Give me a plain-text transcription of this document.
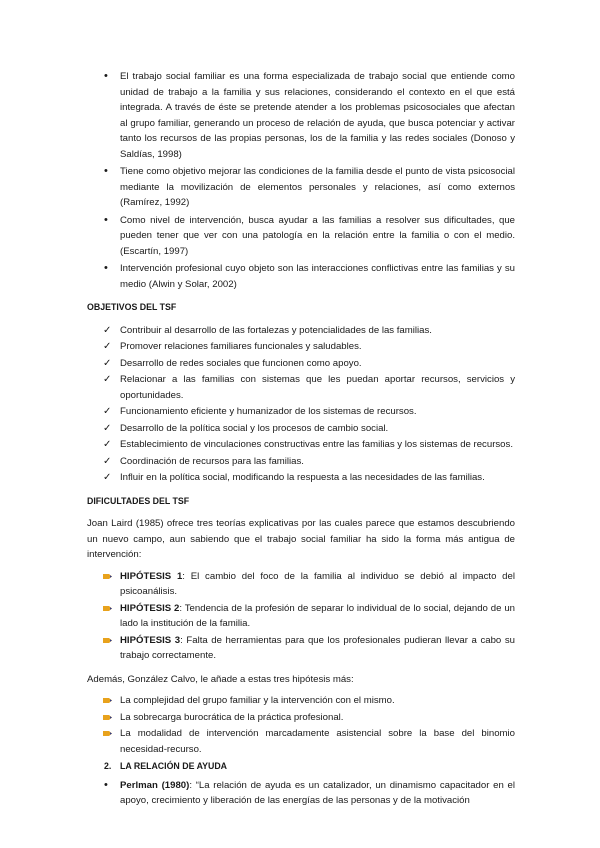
• El trabajo social familiar es una forma especializada de trabajo social que entiende como unidad de trabajo a la familia y sus relaciones, considerando el contexto en el que está integrada. A través de éste se pretende atender a los problemas psicosociales que afectan al grupo familiar, generando un proceso de relación de ayuda, que busca potenciar y activar tanto los recursos de las propias personas, los de la familia y las redes sociales (Donoso y Saldías, 1998)
• Tiene como objetivo mejorar las condiciones de la familia desde el punto de vista psicosocial mediante la movilización de elementos personales y relaciones, así como externos (Ramírez, 1992)
• Como nivel de intervención, busca ayudar a las familias a resolver sus dificultades, que pueden tener que ver con una patología en la relación entre la familia o con el medio. (Escartín, 1997)
• Intervención profesional cuyo objeto son las interacciones conflictivas entre las familias y su medio (Alwin y Solar, 2002)
OBJETIVOS DEL TSF
✓ Contribuir al desarrollo de las fortalezas y potencialidades de las familias.
✓ Promover relaciones familiares funcionales y saludables.
✓ Desarrollo de redes sociales que funcionen como apoyo.
✓ Relacionar a las familias con sistemas que les puedan aportar recursos, servicios y oportunidades.
✓ Funcionamiento eficiente y humanizador de los sistemas de recursos.
✓ Desarrollo de la política social y los procesos de cambio social.
✓ Establecimiento de vinculaciones constructivas entre las familias y los sistemas de recursos.
✓ Coordinación de recursos para las familias.
✓ Influir en la política social, modificando la respuesta a las necesidades de las familias.
DIFICULTADES DEL TSF

Joan Laird (1985) ofrece tres teorías explicativas por las cuales parece que estamos descubriendo un nuevo campo, aun sabiendo que el trabajo social familiar ha sido la forma más antigua de intervención:

HIPÓTESIS 1: El cambio del foco de la familia al individuo se debió al impacto del psicoanálisis.
HIPÓTESIS 2: Tendencia de la profesión de separar lo individual de lo social, dejando de un lado la institución de la familia.
HIPÓTESIS 3: Falta de herramientas para que los profesionales pudieran llevar a cabo su trabajo correctamente.

Además, González Calvo, le añade a estas tres hipótesis más:

La complejidad del grupo familiar y la intervención con el mismo.
La sobrecarga burocrática de la práctica profesional.
La modalidad de intervención marcadamente asistencial sobre la base del binomio necesidad-recurso.
2. LA RELACIÓN DE AYUDA
• Perlman (1980): “La relación de ayuda es un catalizador, un dinamismo capacitador en el apoyo, crecimiento y liberación de las energías de las personas y de la motivación
